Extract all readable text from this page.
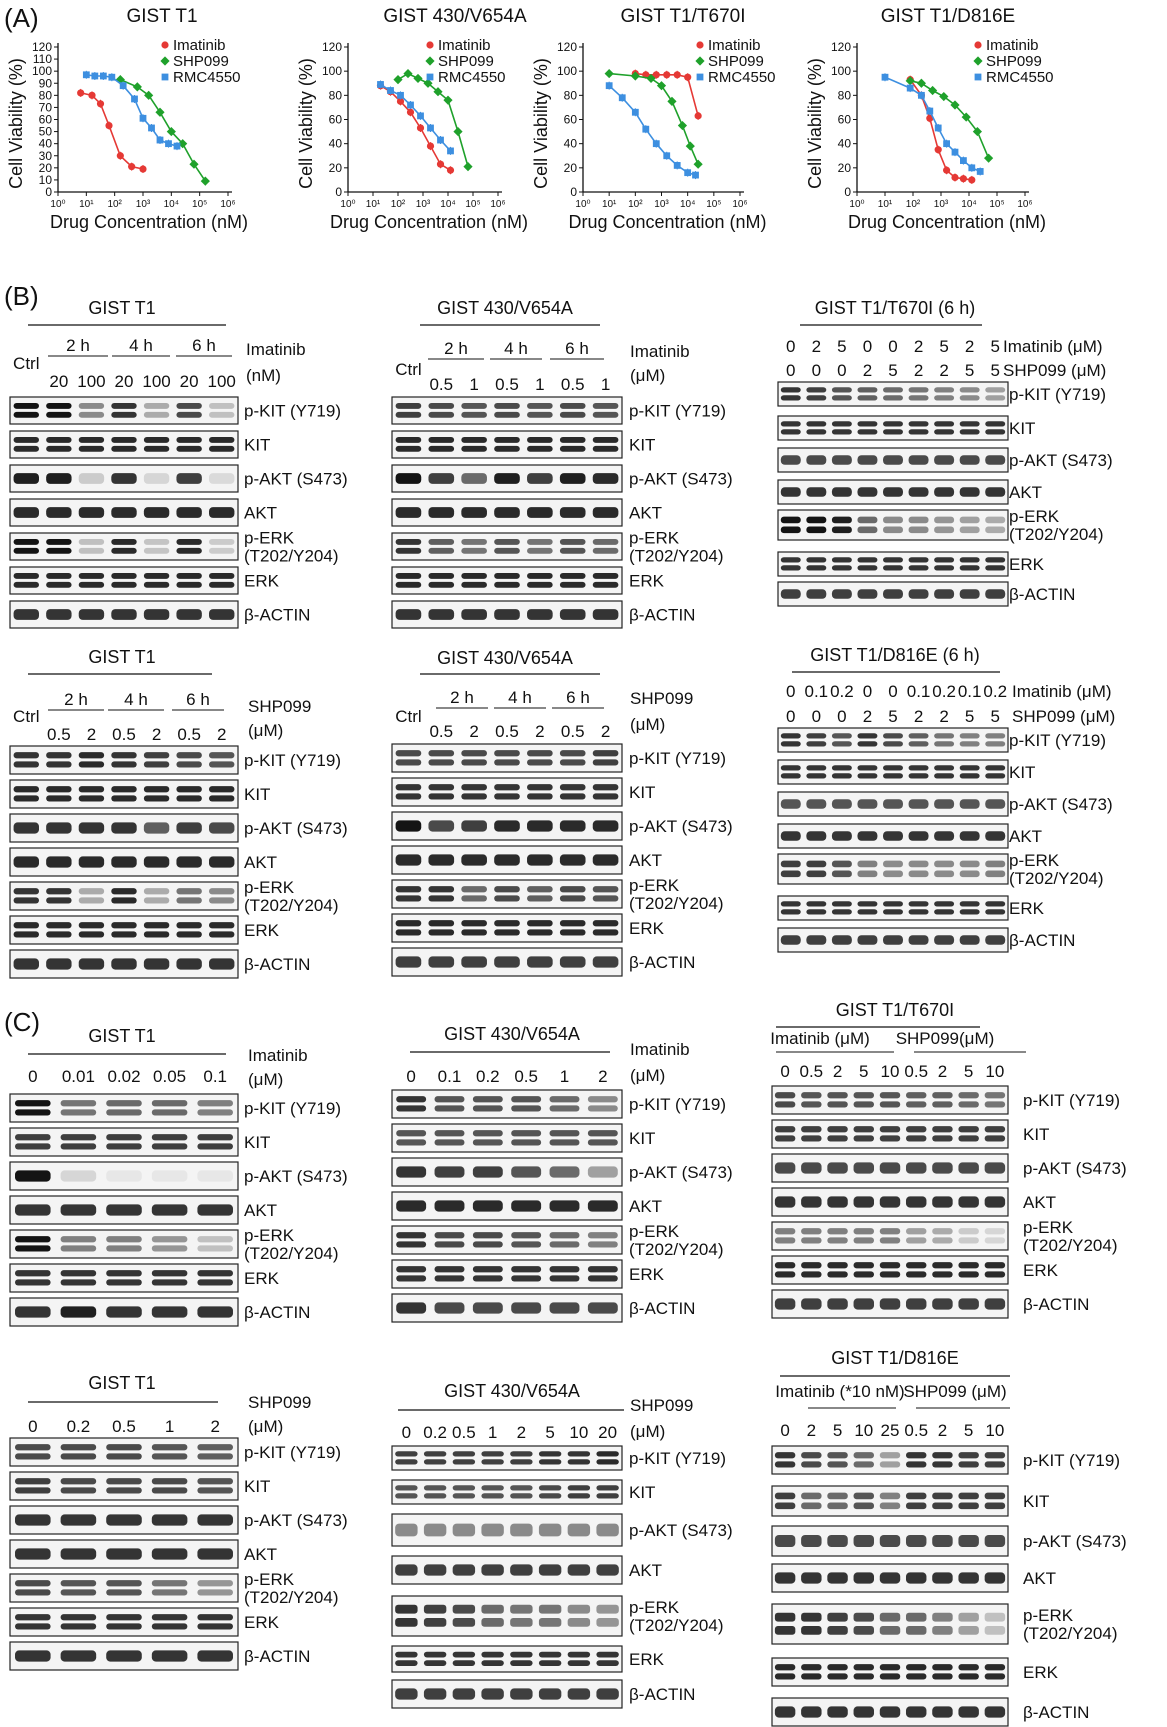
(A)
(B)
(C)
GIST T1
0
10
20
30
40
50
60
70
80
90
100
110
120
10⁰ 10¹ 10² 10³ 10⁴ 10⁵ 10⁶
Drug Concentration (nM)
Cell Viability (%)
Imatinib
SHP099
RMC4550
GIST 430/V654A
0
20
40
60
80
100
120
10⁰ 10¹ 10² 10³ 10⁴ 10⁵ 10⁶
Drug Concentration (nM)
Cell Viability (%)
Imatinib
SHP099
RMC4550
GIST T1/T670I
0
20
40
60
80
100
120
10⁰ 10¹ 10² 10³ 10⁴ 10⁵ 10⁶
Drug Concentration (nM)
Cell Viability (%)
Imatinib
SHP099
RMC4550
GIST T1/D816E
0
20
40
60
80
100
120
10⁰ 10¹ 10² 10³ 10⁴ 10⁵ 10⁶
Drug Concentration (nM)
Cell Viability (%)
Imatinib
SHP099
RMC4550
GIST T1
2 h 4 h 6 h
Ctrl
20 100 20 100 20 100
Imatinib
(nM)
p-KIT (Y719)
KIT
p-AKT (S473)
AKT
p-ERK
(T202/Y204)
ERK
β-ACTIN
GIST 430/V654A
2 h 4 h 6 h
Ctrl
0.5 1 0.5 1 0.5 1
Imatinib
(μM)
p-KIT (Y719)
KIT
p-AKT (S473)
AKT
p-ERK
(T202/Y204)
ERK
β-ACTIN
GIST T1/T670I (6 h)
0 2 5 0 0 2 5 2 5 Imatinib (μM)
0 0 0 2 5 2 2 5 5 SHP099 (μM)
p-KIT (Y719)
KIT
p-AKT (S473)
AKT
p-ERK
(T202/Y204)
ERK
β-ACTIN
GIST T1
2 h 4 h 6 h
Ctrl
0.5 2 0.5 2 0.5 2
SHP099
(μM)
p-KIT (Y719)
KIT
p-AKT (S473)
AKT
p-ERK
(T202/Y204)
ERK
β-ACTIN
GIST 430/V654A
2 h 4 h 6 h
Ctrl
0.5 2 0.5 2 0.5 2
SHP099
(μM)
p-KIT (Y719)
KIT
p-AKT (S473)
AKT
p-ERK
(T202/Y204)
ERK
β-ACTIN
GIST T1/D816E (6 h)
0 0.1 0.2 0 0 0.1 0.2 0.1 0.2 Imatinib (μM)
0 0 0 2 5 2 2 5 5 SHP099 (μM)
p-KIT (Y719)
KIT
p-AKT (S473)
AKT
p-ERK
(T202/Y204)
ERK
β-ACTIN
GIST T1
0 0.01 0.02 0.05 0.1
Imatinib
(μM)
p-KIT (Y719)
KIT
p-AKT (S473)
AKT
p-ERK
(T202/Y204)
ERK
β-ACTIN
GIST 430/V654A
0 0.1 0.2 0.5 1 2
Imatinib
(μM)
p-KIT (Y719)
KIT
p-AKT (S473)
AKT
p-ERK
(T202/Y204)
ERK
β-ACTIN
GIST T1/T670I
Imatinib (μM) SHP099(μM)
0 0.5 2 5 10 0.5 2 5 10
p-KIT (Y719)
KIT
p-AKT (S473)
AKT
p-ERK
(T202/Y204)
ERK
β-ACTIN
GIST T1
0 0.2 0.5 1 2
SHP099
(μM)
p-KIT (Y719)
KIT
p-AKT (S473)
AKT
p-ERK
(T202/Y204)
ERK
β-ACTIN
GIST 430/V654A
0 0.2 0.5 1 2 5 10 20
SHP099
(μM)
p-KIT (Y719)
KIT
p-AKT (S473)
AKT
p-ERK
(T202/Y204)
ERK
β-ACTIN
GIST T1/D816E
Imatinib (*10 nM)
SHP099 (μM)
0 2 5 10 25 0.5 2 5 10
p-KIT (Y719)
KIT
p-AKT (S473)
AKT
p-ERK
(T202/Y204)
ERK
β-ACTIN
